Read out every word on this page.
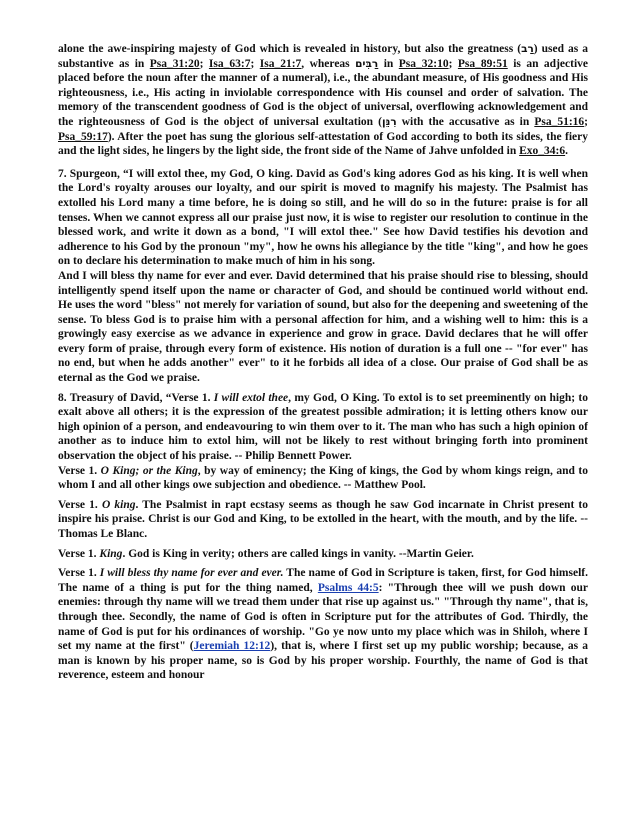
alone the awe-inspiring majesty of God which is revealed in history, but also the greatness (רַב) used as a substantive as in Psa_31:20; Isa_63:7; Isa_21:7, whereas רַבִּים in Psa_32:10; Psa_89:51 is an adjective placed before the noun after the manner of a numeral), i.e., the abundant measure, of His goodness and His righteousness, i.e., His acting in inviolable correspondence with His counsel and order of salvation. The memory of the transcendent goodness of God is the object of universal, overflowing acknowledgement and the righteousness of God is the object of universal exultation (רִנֵּן with the accusative as in Psa_51:16; Psa_59:17). After the poet has sung the glorious self-attestation of God according to both its sides, the fiery and the light sides, he lingers by the light side, the front side of the Name of Jahve unfolded in Exo_34:6.

7. Spurgeon, “I will extol thee, my God, O king. David as God's king adores God as his king. It is well when the Lord's royalty arouses our loyalty, and our spirit is moved to magnify his majesty. The Psalmist has extolled his Lord many a time before, he is doing so still, and he will do so in the future: praise is for all tenses. When we cannot express all our praise just now, it is wise to register our resolution to continue in the blessed work, and write it down as a bond, "I will extol thee." See how David testifies his devotion and adherence to his God by the pronoun "my", how he owns his allegiance by the title "king", and how he goes on to declare his determination to make much of him in his song.

And I will bless thy name for ever and ever. David determined that his praise should rise to blessing, should intelligently spend itself upon the name or character of God, and should be continued world without end. He uses the word "bless" not merely for variation of sound, but also for the deepening and sweetening of the sense. To bless God is to praise him with a personal affection for him, and a wishing well to him: this is a growingly easy exercise as we advance in experience and grow in grace. David declares that he will offer every form of praise, through every form of existence. His notion of duration is a full one -- "for ever" has no end, but when he adds another" ever" to it he forbids all idea of a close. Our praise of God shall be as eternal as the God we praise.

8. Treasury of David, “Verse 1. I will extol thee, my God, O King. To extol is to set preeminently on high; to exalt above all others; it is the expression of the greatest possible admiration; it is letting others know our high opinion of a person, and endeavouring to win them over to it. The man who has such a high opinion of another as to induce him to extol him, will not be likely to rest without bringing forth into prominent observation the object of his praise. -- Philip Bennett Power.

Verse 1. O King; or the King, by way of eminency; the King of kings, the God by whom kings reign, and to whom I and all other kings owe subjection and obedience. -- Matthew Pool.

Verse 1. O king. The Psalmist in rapt ecstasy seems as though he saw God incarnate in Christ present to inspire his praise. Christ is our God and King, to be extolled in the heart, with the mouth, and by the life. --Thomas Le Blanc.

Verse 1. King. God is King in verity; others are called kings in vanity. --Martin Geier.

Verse 1. I will bless thy name for ever and ever. The name of God in Scripture is taken, first, for God himself. The name of a thing is put for the thing named, Psalms 44:5: "Through thee will we push down our enemies: through thy name will we tread them under that rise up against us." "Through thy name", that is, through thee. Secondly, the name of God is often in Scripture put for the attributes of God. Thirdly, the name of God is put for his ordinances of worship. "Go ye now unto my place which was in Shiloh, where I set my name at the first" (Jeremiah 12:12), that is, where I first set up my public worship; because, as a man is known by his proper name, so is God by his proper worship. Fourthly, the name of God is that reverence, esteem and honour
